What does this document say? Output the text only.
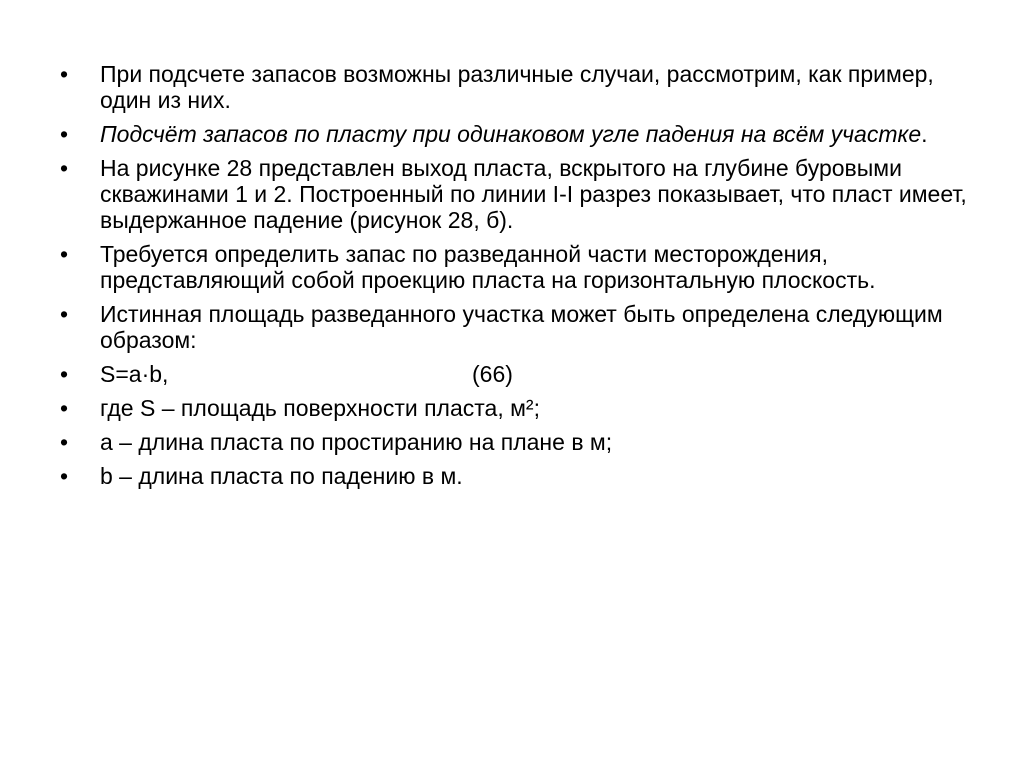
•	При подсчете запасов возможны различные случаи, рассмотрим, как пример, один из них.
•	Подсчёт запасов по пласту при одинаковом угле падения на всём участке.
•	На рисунке 28 представлен выход пласта, вскрытого на глубине буровыми скважинами 1 и 2. Построенный по линии I-I разрез показывает, что пласт имеет, выдержанное падение (рисунок 28, б).
•	Требуется определить запас по разведанной части месторождения, представляющий собой проекцию пласта на горизонтальную плоскость.
•	Истинная площадь разведанного участка может быть определена следующим образом:
•	S=a·b,	(66)
•	где S – площадь поверхности пласта, м²;
•	а – длина пласта по простиранию на плане в м;
•	b – длина пласта по падению в м.
